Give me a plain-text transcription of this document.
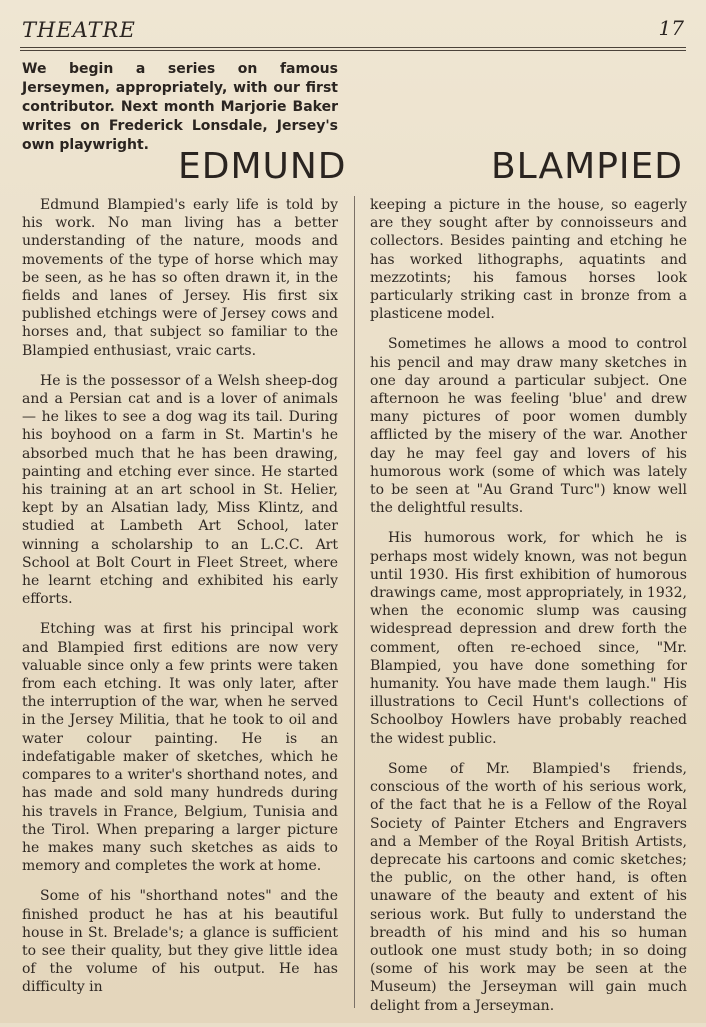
THEATRE	17
We begin a series on famous Jerseymen, appropriately, with our first contributor. Next month Marjorie Baker writes on Frederick Lonsdale, Jersey's own playwright.
EDMUND	BLAMPIED

Edmund Blampied's early life is told by his work. No man living has a better understanding of the nature, moods and movements of the type of horse which may be seen, as he has so often drawn it, in the fields and lanes of Jersey. His first six published etchings were of Jersey cows and horses and, that subject so familiar to the Blampied enthusiast, vraic carts.

He is the possessor of a Welsh sheep-dog and a Persian cat and is a lover of animals — he likes to see a dog wag its tail. During his boyhood on a farm in St. Martin's he absorbed much that he has been drawing, painting and etching ever since. He started his training at an art school in St. Helier, kept by an Alsatian lady, Miss Klintz, and studied at Lambeth Art School, later winning a scholarship to an L.C.C. Art School at Bolt Court in Fleet Street, where he learnt etching and exhibited his early efforts.

Etching was at first his principal work and Blampied first editions are now very valuable since only a few prints were taken from each etching. It was only later, after the interruption of the war, when he served in the Jersey Militia, that he took to oil and water colour painting. He is an indefatigable maker of sketches, which he compares to a writer's shorthand notes, and has made and sold many hundreds during his travels in France, Belgium, Tunisia and the Tirol. When preparing a larger picture he makes many such sketches as aids to memory and completes the work at home.

Some of his "shorthand notes" and the finished product he has at his beautiful house in St. Brelade's; a glance is sufficient to see their quality, but they give little idea of the volume of his output. He has difficulty in

keeping a picture in the house, so eagerly are they sought after by connoisseurs and collectors. Besides painting and etching he has worked lithographs, aquatints and mezzotints; his famous horses look particularly striking cast in bronze from a plasticene model.

Sometimes he allows a mood to control his pencil and may draw many sketches in one day around a particular subject. One afternoon he was feeling 'blue' and drew many pictures of poor women dumbly afflicted by the misery of the war. Another day he may feel gay and lovers of his humorous work (some of which was lately to be seen at "Au Grand Turc") know well the delightful results.

His humorous work, for which he is perhaps most widely known, was not begun until 1930. His first exhibition of humorous drawings came, most appropriately, in 1932, when the economic slump was causing widespread depression and drew forth the comment, often re-echoed since, "Mr. Blampied, you have done something for humanity. You have made them laugh." His illustrations to Cecil Hunt's collections of Schoolboy Howlers have probably reached the widest public.

Some of Mr. Blampied's friends, conscious of the worth of his serious work, of the fact that he is a Fellow of the Royal Society of Painter Etchers and Engravers and a Member of the Royal British Artists, deprecate his cartoons and comic sketches; the public, on the other hand, is often unaware of the beauty and extent of his serious work. But fully to understand the breadth of his mind and his so human outlook one must study both; in so doing (some of his work may be seen at the Museum) the Jerseyman will gain much delight from a Jerseyman.
